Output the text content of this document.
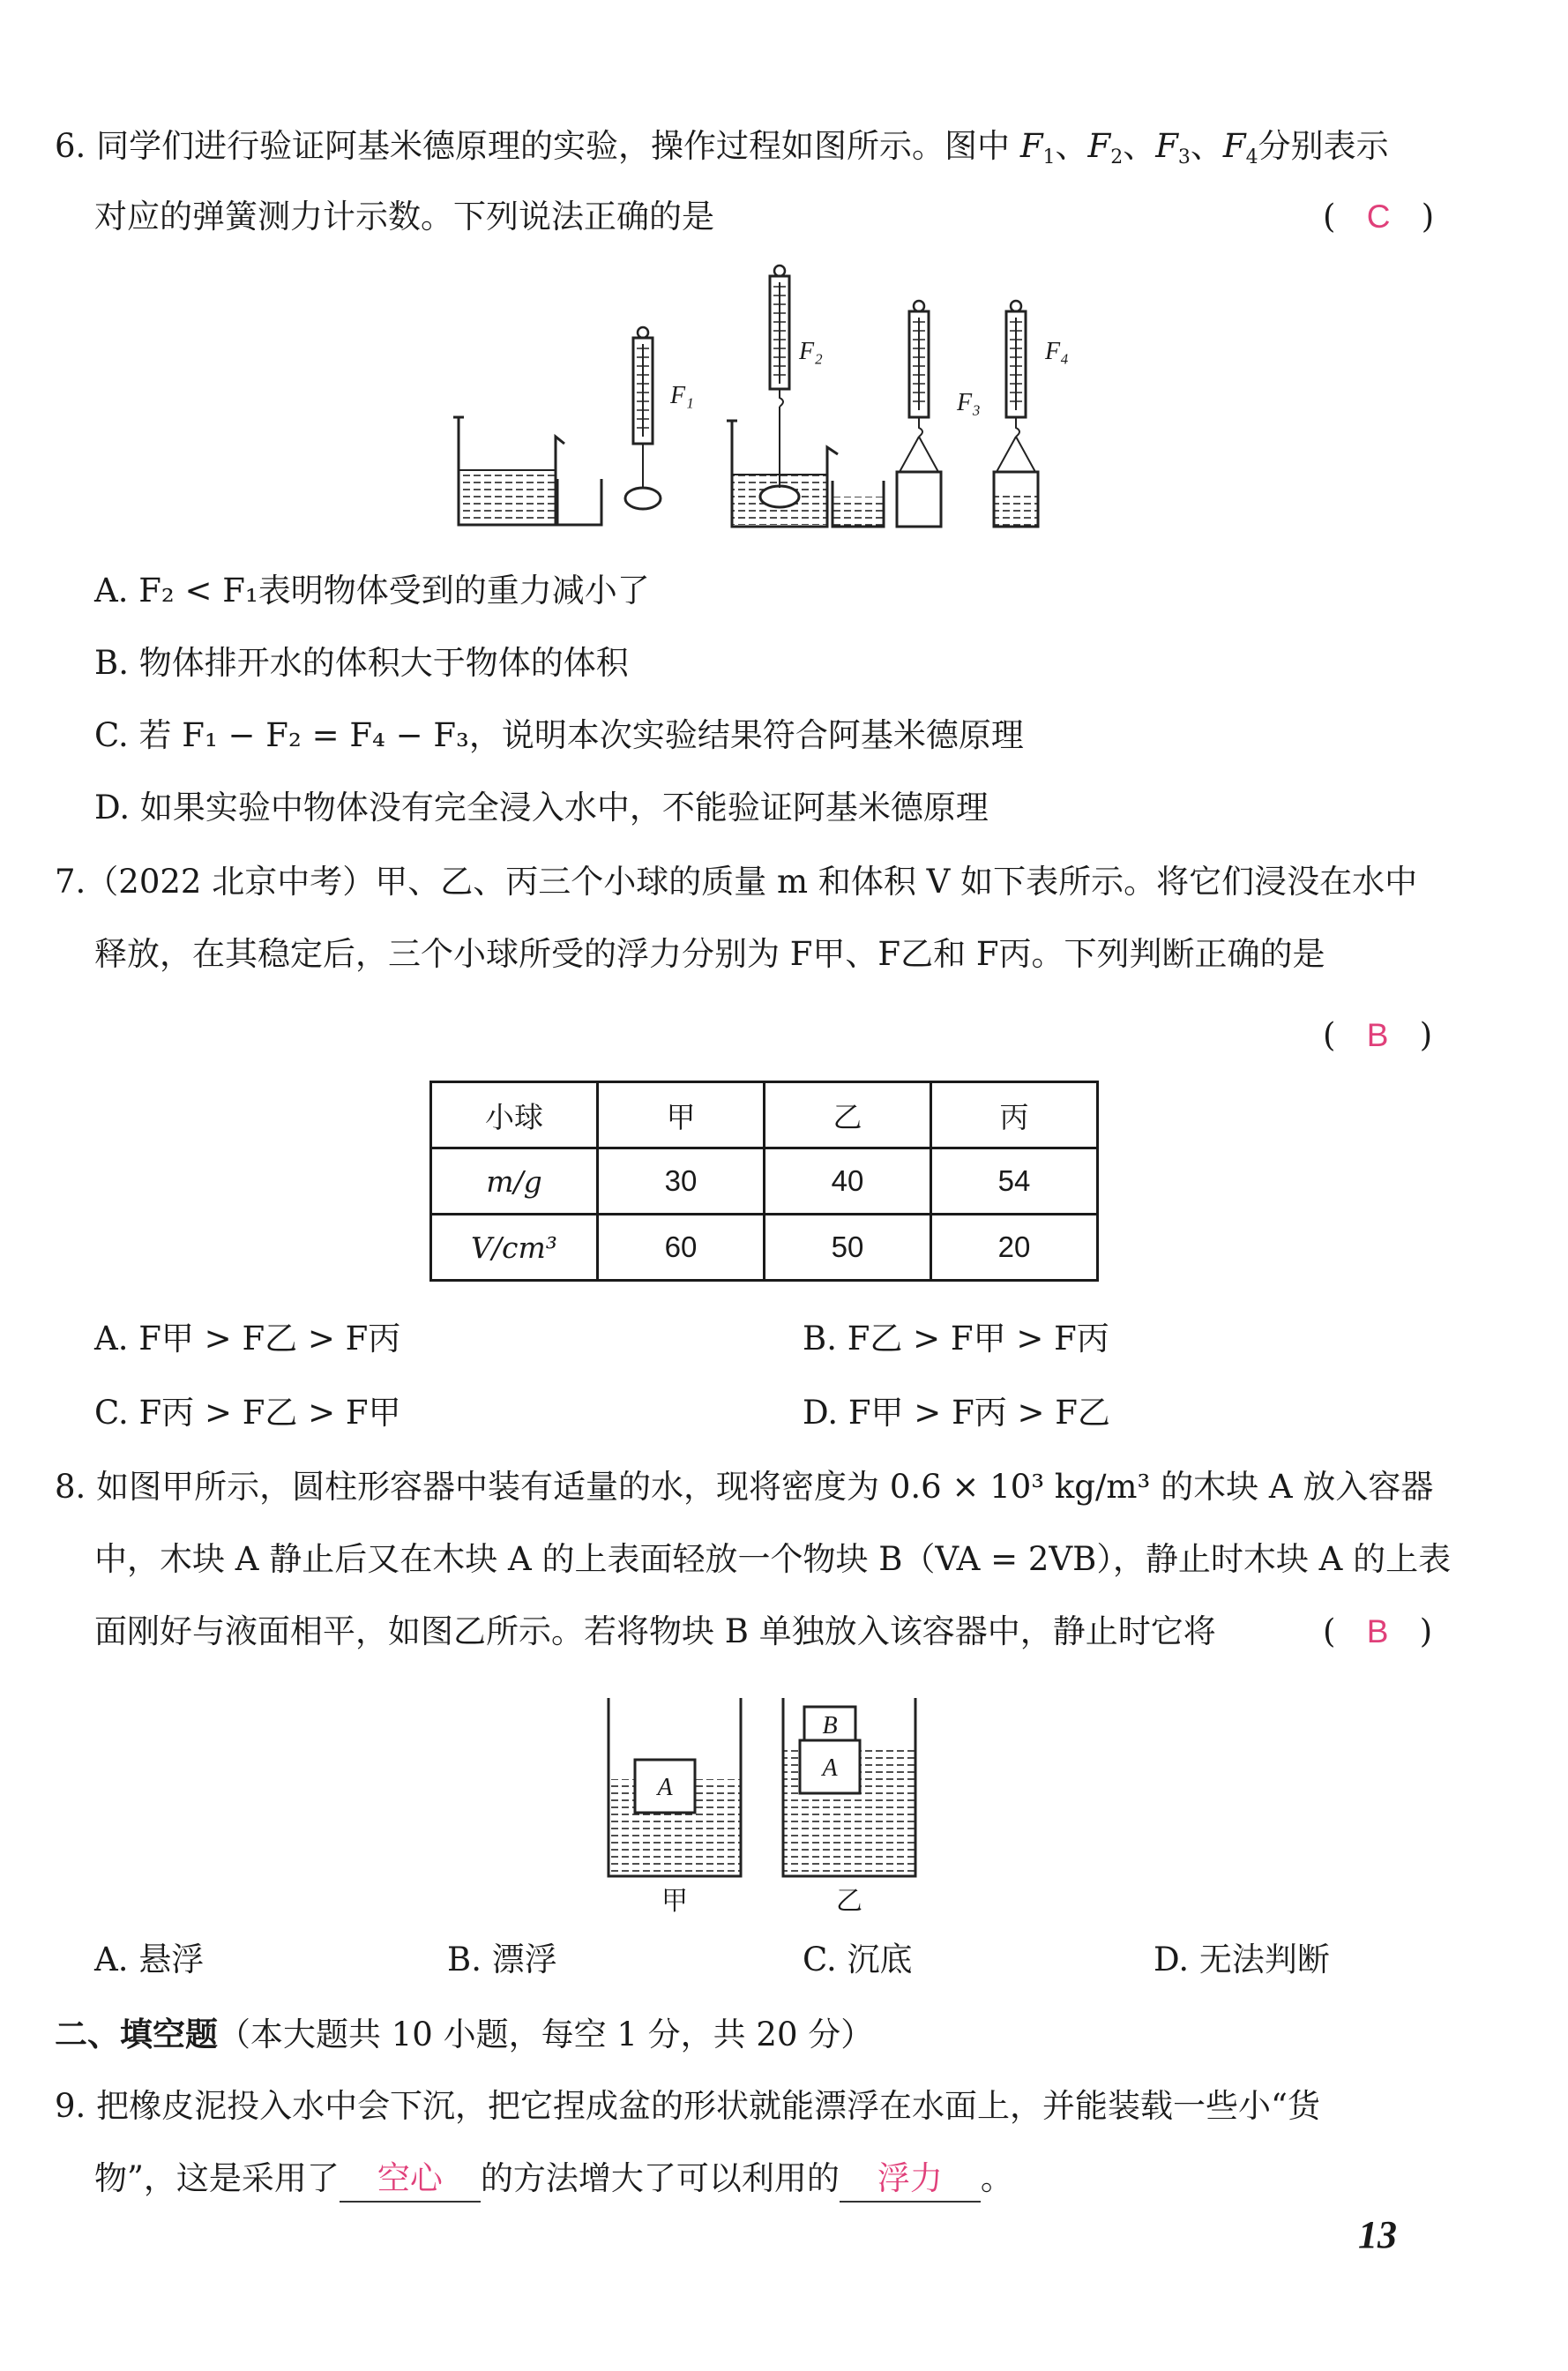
6. 同学们进行验证阿基米德原理的实验，操作过程如图所示。图中 $F_1$、$F_2$、$F_3$、$F_4$分别表示
对应的弹簧测力计示数。下列说法正确的是	(   C   )
F₁
F₂
F₃
F₄
A. F₂ < F₁表明物体受到的重力减小了
B. 物体排开水的体积大于物体的体积
C. 若 F₁ − F₂ = F₄ − F₃，说明本次实验结果符合阿基米德原理
D. 如果实验中物体没有完全浸入水中，不能验证阿基米德原理
7.（2022 北京中考）甲、乙、丙三个小球的质量 m 和体积 V 如下表所示。将它们浸没在水中
释放，在其稳定后，三个小球所受的浮力分别为 F甲、F乙和 F丙。下列判断正确的是
(   B   )
小球	甲	乙	丙
m/g	30	40	54
V/cm³	60	50	20
A. F甲 > F乙 > F丙	B. F乙 > F甲 > F丙
C. F丙 > F乙 > F甲	D. F甲 > F丙 > F乙
8. 如图甲所示，圆柱形容器中装有适量的水，现将密度为 0.6 × 10³ kg/m³ 的木块 A 放入容器
中，木块 A 静止后又在木块 A 的上表面轻放一个物块 B（VA = 2VB），静止时木块 A 的上表
面刚好与液面相平，如图乙所示。若将物块 B 单独放入该容器中，静止时它将	(   B   )
A
甲
B
A
乙
A. 悬浮	B. 漂浮	C. 沉底	D. 无法判断
二、填空题（本大题共 10 小题，每空 1 分，共 20 分）
9. 把橡皮泥投入水中会下沉，把它捏成盆的形状就能漂浮在水面上，并能装载一些小“货
物”，这是采用了 空心 的方法增大了可以利用的 浮力 。
13
